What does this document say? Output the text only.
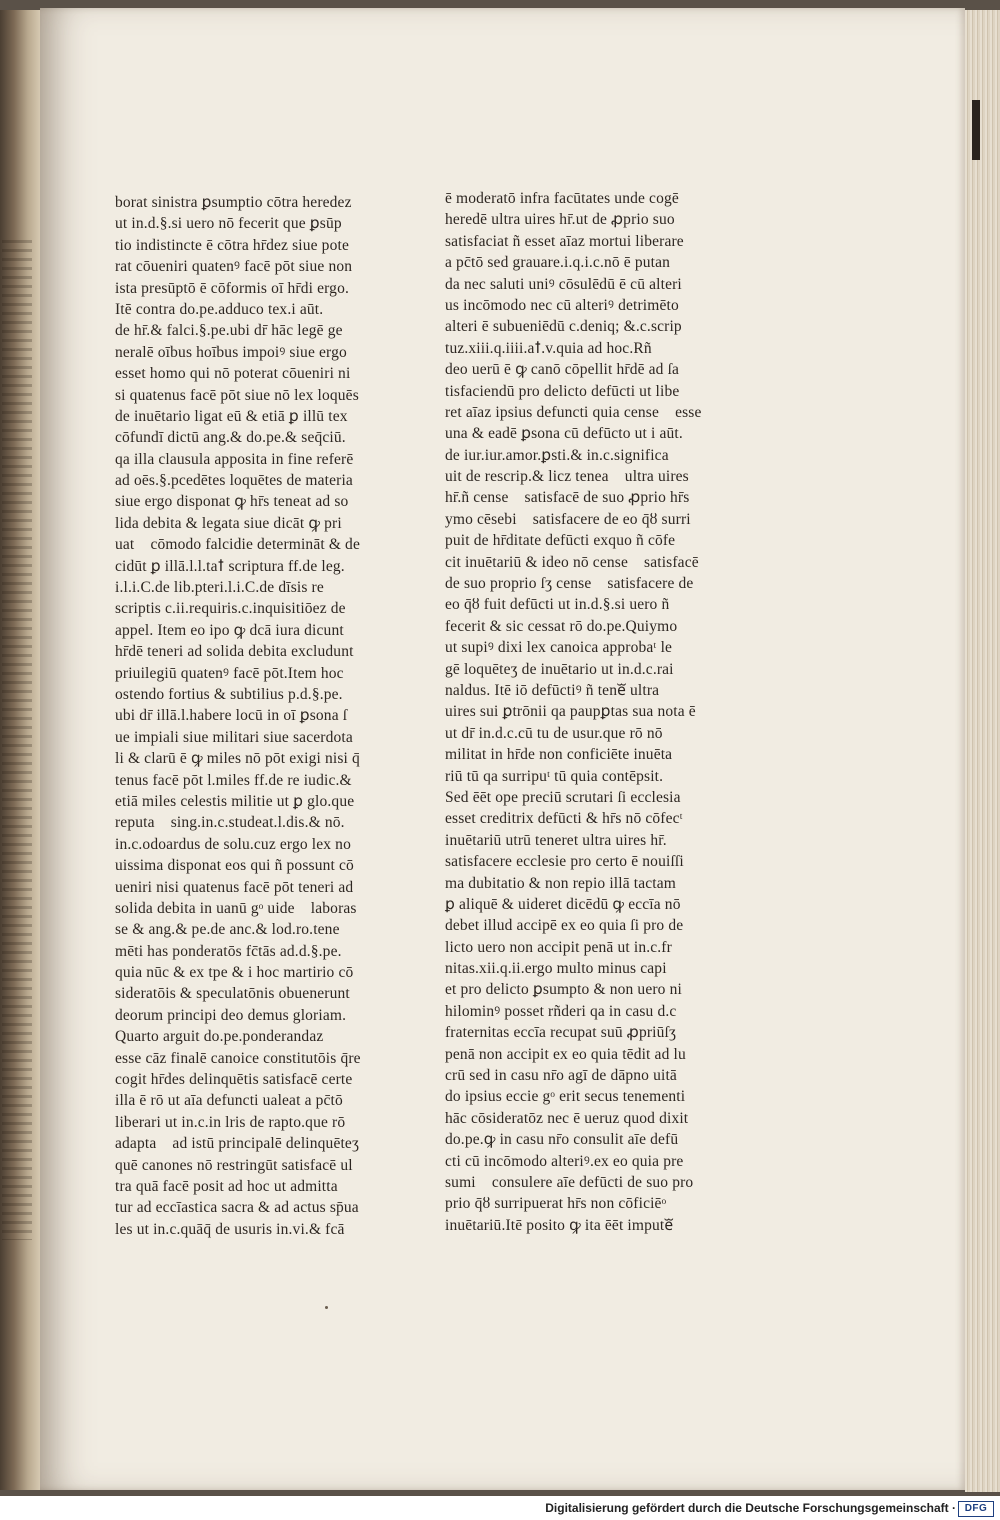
borat sinistra ꝑsumptio cōtra heredez
ut in.d.§.si uero nō fecerit que ꝑsūp
tio indistincte ē cōtra hr̄dez siue pote
rat cōueniri quatenꝰ facē pōt siue non
ista presūptō ē cōformis oī hr̄di ergo.
Itē contra do.pe.adduco tex.i aūt.
de hr̄.& falci.§.pe.ubi dr̄ hāc legē ge
neralē oībus hoībus impoiꝰ siue ergo
esset homo qui nō poterat cōueniri ni
si quatenus facē pōt siue nō lex loquēs
de inuētario ligat eū & etiā ꝑ illū tex
cōfundī dictū ang.& do.pe.& seq̄ciū.
qa illa clausula apposita in fine referē
ad oēs.§.pcedētes loquētes de materia
siue ergo disponat ꝙ hr̄s teneat ad so
lida debita & legata siue dicāt ꝙ pri
uatᷓ cōmodo falcidie determināt & de
cidūt ꝑ illā.l.l.taꝉ scriptura ff.de leg.
i.l.i.C.de lib.pteri.l.i.C.de dīsis re
scriptis c.ii.requiris.c.inquisitiōez de
appel. Item eo ipo ꝙ dcā iura dicunt
hr̄dē teneri ad solida debita excludunt
priuilegiū quatenꝰ facē pōt.Item hoc
ostendo fortius & subtilius p.d.§.pe.
ubi dr̄ illā.l.habere locū in oī ꝑsona ſ
ue impiali siue militari siue sacerdota
li & clarū ē ꝙ miles nō pōt exigi nisi q̄
tenus facē pōt l.miles ff.de re iudic.&
etiā miles celestis militie ut ꝑ glo.que
reputaᷓ sing.in.c.studeat.l.dis.& nō.
in.c.odoardus de solu.cuz ergo lex no
uissima disponat eos qui ñ possunt cō
ueniri nisi quatenus facē pōt teneri ad
solida debita in uanū gᵒ uideᷓ laboras
se & ang.& pe.de anc.& lod.ro.tene
mēti has ponderatōs fc̄tās ad.d.§.pe.
quia nūc & ex tpe & i hoc martirio cō
sideratōis & speculatōnis obuenerunt
deorum principi deo demus gloriam.
Quarto arguit do.pe.ponderandaz
esse cāz finalē canoice constitutōis q̄re
cogit hr̄des delinquētis satisfacē certe
illa ē rō ut aīa defuncti ualeat a pc̄tō
liberari ut in.c.in lris de rapto.que rō
adaptaᷓ ad istū principalē delinquēteʒ
quē canones nō restringūt satisfacē ul
tra quā facē posit ad hoc ut admitta
tur ad eccīastica sacra & ad actus sp̄ua
les ut in.c.quāq̄ de usuris in.vi.& fcā
ē moderatō infra facūtates unde cogē
heredē ultra uires hr̄.ut de ꝓprio suo
satisfaciat ñ esset aīaz mortui liberare
a pc̄tō sed grauare.i.q.i.c.nō ē putan
da nec saluti uniꝰ cōsulēdū ē cū alteri
us incōmodo nec cū alteriꝰ detrimēto
alteri ē subueniēdū c.deniq; &.c.scrip
tuz.xiii.q.iiii.aꝉ.v.quia ad hoc.Rñ
deo uerū ē ꝙ canō cōpellit hr̄dē ad ſa
tisfaciendū pro delicto defūcti ut libe
ret aīaz ipsius defuncti quia censeᷓ esse
una & eadē ꝑsona cū defūcto ut i aūt.
de iur.iur.amor.ꝑsti.& in.c.significa
uit de rescrip.& licz teneaᷓ ultra uires
hr̄.ñ censeᷓ satisfacē de suo ꝓprio hr̄s
ymo cēsebiᷓ satisfacere de eo q̄ȣ surri
puit de hr̄ditate defūcti exquo ñ cōfe
cit inuētariū & ideo nō censeᷓ satisfacē
de suo proprio ſʒ censeᷓ satisfacere de
eo q̄ȣ fuit defūcti ut in.d.§.si uero ñ
fecerit & sic cessat rō do.pe.Quiymo
ut supiꝰ dixi lex canoica approbaᵗ le
gē loquēteʒ de inuētario ut in.d.c.rai
naldus. Itē iō defūctiꝰ ñ teneᷓ ultra
uires sui ꝑtrōnii qa paupꝑtas sua nota ē
ut dr̄ in.d.c.cū tu de usur.que rō nō
militat in hr̄de non conficiēte inuēta
riū tū qa surripuᵗ tū quia contēpsit.
Sed ēēt ope preciū scrutari ſi ecclesia
esset creditrix defūcti & hr̄s nō cōfecᵗ
inuētariū utrū teneret ultra uires hr̄.
satisfacere ecclesie pro certo ē nouiſſi
ma dubitatio & non repio illā tactam
ꝑ aliquē & uideret dicēdū ꝙ eccīa nō
debet illud accipē ex eo quia ſi pro de
licto uero non accipit penā ut in.c.fr
nitas.xii.q.ii.ergo multo minus capi
et pro delicto ꝑsumpto & non uero ni
hilominꝰ posset rñderi qa in casu d.c
fraternitas eccīa recupat suū ꝓpriūſʒ
penā non accipit ex eo quia tēdit ad lu
crū sed in casu nr̄o agī de dāpno uitā
do ipsius eccie gᵒ erit secus tenementi
hāc cōsideratōz nec ē ueruz quod dixit
do.pe.ꝙ in casu nr̄o consulit aīe defū
cti cū incōmodo alteriꝰ.ex eo quia pre
sumiᷓ consulere aīe defūcti de suo pro
prio q̄ȣ surripuerat hr̄s non cōficiēᵒ
inuētariū.Itē posito ꝙ ita ēēt imputeᷓ
Digitalisierung gefördert durch die Deutsche Forschungsgemeinschaft · DFG
